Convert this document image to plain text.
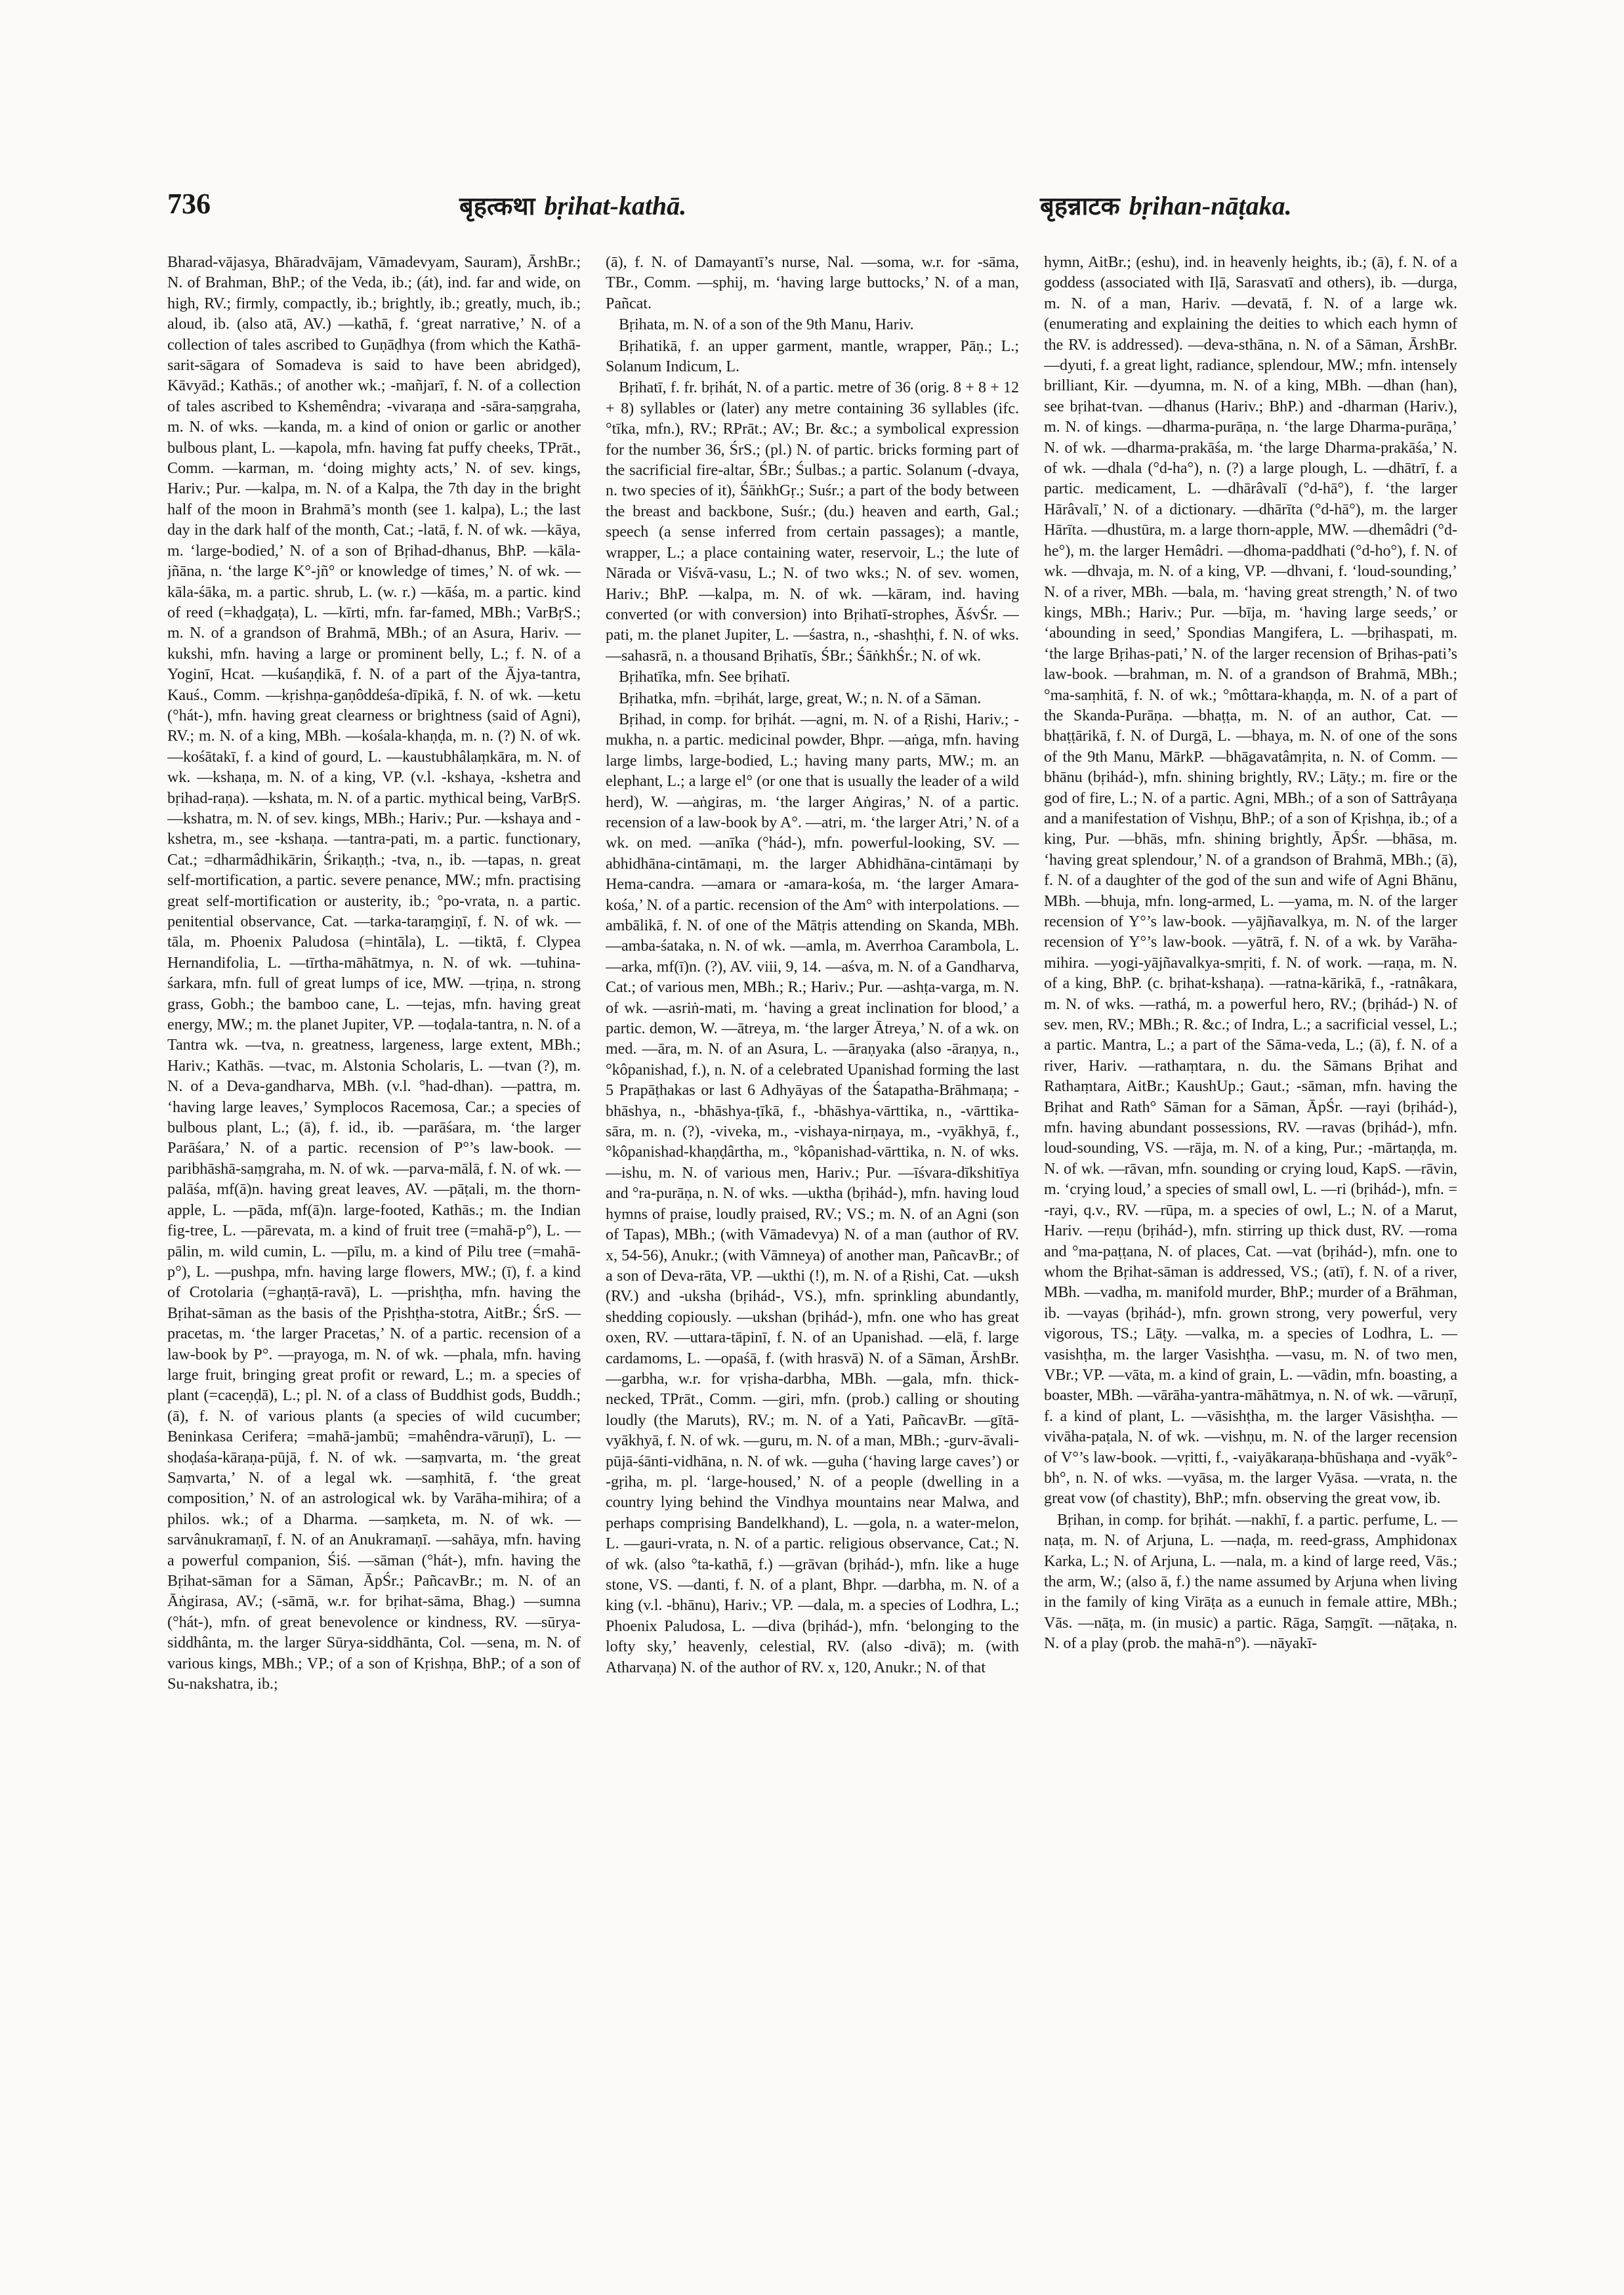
736	बृहत्कथा bṛihat-kathā.	बृहन्नाटक bṛihan-nāṭaka.

Bharad-vājasya, Bhāradvājam, Vāmadevyam, Sauram), ĀrshBr.; N. of Brahman, BhP.; of the Veda, ib.; (át), ind. far and wide, on high, RV.; firmly, compactly, ib.; brightly, ib.; greatly, much, ib.; aloud, ib. (also atā, AV.) —kathā, f. ‘great narrative,’ N. of a collection of tales ascribed to Guṇāḍhya (from which the Kathā-sarit-sāgara of Somadeva is said to have been abridged), Kāvyād.; Kathās.; of another wk.; -mañjarī, f. N. of a collection of tales ascribed to Kshemêndra; -vivaraṇa and -sāra-saṃgraha, m. N. of wks. —kanda, m. a kind of onion or garlic or another bulbous plant, L. —kapola, mfn. having fat puffy cheeks, TPrāt., Comm. —karman, m. ‘doing mighty acts,’ N. of sev. kings, Hariv.; Pur. —kalpa, m. N. of a Kalpa, the 7th day in the bright half of the moon in Brahmā’s month (see 1. kalpa), L.; the last day in the dark half of the month, Cat.; -latā, f. N. of wk. —kāya, m. ‘large-bodied,’ N. of a son of Bṛihad-dhanus, BhP. —kāla-jñāna, n. ‘the large K°-jñ° or knowledge of times,’ N. of wk. —kāla-śāka, m. a partic. shrub, L. (w. r.) —kāśa, m. a partic. kind of reed (=khaḍgaṭa), L. —kīrti, mfn. far-famed, MBh.; VarBṛS.; m. N. of a grandson of Brahmā, MBh.; of an Asura, Hariv. —kukshi, mfn. having a large or prominent belly, L.; f. N. of a Yoginī, Hcat. —kuśaṇḍikā, f. N. of a part of the Ājya-tantra, Kauś., Comm. —kṛishṇa-gaṇôddeśa-dīpikā, f. N. of wk. —ketu (°hát-), mfn. having great clearness or brightness (said of Agni), RV.; m. N. of a king, MBh. —kośala-khaṇḍa, m. n. (?) N. of wk. —kośātakī, f. a kind of gourd, L. —kaustubhâlaṃkāra, m. N. of wk. —kshaṇa, m. N. of a king, VP. (v.l. -kshaya, -kshetra and bṛihad-raṇa). —kshata, m. N. of a partic. mythical being, VarBṛS. —kshatra, m. N. of sev. kings, MBh.; Hariv.; Pur. —kshaya and -kshetra, m., see -kshaṇa. —tantra-pati, m. a partic. functionary, Cat.; =dharmâdhikārin, Śrikaṇṭh.; -tva, n., ib. —tapas, n. great self-mortification, a partic. severe penance, MW.; mfn. practising great self-mortification or austerity, ib.; °po-vrata, n. a partic. penitential observance, Cat. —tarka-taraṃgiṇī, f. N. of wk. —tāla, m. Phoenix Paludosa (=hintāla), L. —tiktā, f. Clypea Hernandifolia, L. —tīrtha-māhātmya, n. N. of wk. —tuhina-śarkara, mfn. full of great lumps of ice, MW. —tṛiṇa, n. strong grass, Gobh.; the bamboo cane, L. —tejas, mfn. having great energy, MW.; m. the planet Jupiter, VP. —toḍala-tantra, n. N. of a Tantra wk. —tva, n. greatness, largeness, large extent, MBh.; Hariv.; Kathās. —tvac, m. Alstonia Scholaris, L. —tvan (?), m. N. of a Deva-gandharva, MBh. (v.l. °had-dhan). —pattra, m. ‘having large leaves,’ Symplocos Racemosa, Car.; a species of bulbous plant, L.; (ā), f. id., ib. —parāśara, m. ‘the larger Parāśara,’ N. of a partic. recension of P°’s law-book. —paribhāshā-saṃgraha, m. N. of wk. —parva-mālā, f. N. of wk. —palāśa, mf(ā)n. having great leaves, AV. —pāṭali, m. the thorn-apple, L. —pāda, mf(ā)n. large-footed, Kathās.; m. the Indian fig-tree, L. —pārevata, m. a kind of fruit tree (=mahā-p°), L. —pālin, m. wild cumin, L. —pīlu, m. a kind of Pilu tree (=mahā-p°), L. —pushpa, mfn. having large flowers, MW.; (ī), f. a kind of Crotolaria (=ghaṇṭā-ravā), L. —prishṭha, mfn. having the Bṛihat-sāman as the basis of the Pṛishṭha-stotra, AitBr.; ŚrS. —pracetas, m. ‘the larger Pracetas,’ N. of a partic. recension of a law-book by P°. —prayoga, m. N. of wk. —phala, mfn. having large fruit, bringing great profit or reward, L.; m. a species of plant (=caceṇḍā), L.; pl. N. of a class of Buddhist gods, Buddh.; (ā), f. N. of various plants (a species of wild cucumber; Beninkasa Cerifera; =mahā-jambū; =mahêndra-vāruṇī), L. —shoḍaśa-kāraṇa-pūjā, f. N. of wk. —saṃvarta, m. ‘the great Saṃvarta,’ N. of a legal wk. —saṃhitā, f. ‘the great composition,’ N. of an astrological wk. by Varāha-mihira; of a philos. wk.; of a Dharma. —saṃketa, m. N. of wk. —sarvânukramaṇī, f. N. of an Anukramaṇī. —sahāya, mfn. having a powerful companion, Śiś. —sāman (°hát-), mfn. having the Bṛihat-sāman for a Sāman, ĀpŚr.; PañcavBr.; m. N. of an Āṅgirasa, AV.; (-sāmā, w.r. for bṛihat-sāma, Bhag.) —sumna (°hát-), mfn. of great benevolence or kindness, RV. —sūrya-siddhânta, m. the larger Sūrya-siddhānta, Col. —sena, m. N. of various kings, MBh.; VP.; of a son of Kṛishṇa, BhP.; of a son of Su-nakshatra, ib.;

(ā), f. N. of Damayantī’s nurse, Nal. —soma, w.r. for -sāma, TBr., Comm. —sphij, m. ‘having large buttocks,’ N. of a man, Pañcat.

Bṛihata, m. N. of a son of the 9th Manu, Hariv.

Bṛihatikā, f. an upper garment, mantle, wrapper, Pāṇ.; L.; Solanum Indicum, L.

Bṛihatī, f. fr. bṛihát, N. of a partic. metre of 36 (orig. 8 + 8 + 12 + 8) syllables or (later) any metre containing 36 syllables (ifc. °tīka, mfn.), RV.; RPrāt.; AV.; Br. &c.; a symbolical expression for the number 36, ŚrS.; (pl.) N. of partic. bricks forming part of the sacrificial fire-altar, ŚBr.; Śulbas.; a partic. Solanum (-dvaya, n. two species of it), ŚāṅkhGṛ.; Suśr.; a part of the body between the breast and backbone, Suśr.; (du.) heaven and earth, Gal.; speech (a sense inferred from certain passages); a mantle, wrapper, L.; a place containing water, reservoir, L.; the lute of Nārada or Viśvā-vasu, L.; N. of two wks.; N. of sev. women, Hariv.; BhP. —kalpa, m. N. of wk. —kāram, ind. having converted (or with conversion) into Bṛihatī-strophes, ĀśvŚr. —pati, m. the planet Jupiter, L. —śastra, n., -shashṭhi, f. N. of wks. —sahasrā, n. a thousand Bṛihatīs, ŚBr.; ŚāṅkhŚr.; N. of wk.

Bṛihatīka, mfn. See bṛihatī.

Bṛihatka, mfn. =bṛihát, large, great, W.; n. N. of a Sāman.

Bṛihad, in comp. for bṛihát. —agni, m. N. of a Ṛishi, Hariv.; -mukha, n. a partic. medicinal powder, Bhpr. —aṅga, mfn. having large limbs, large-bodied, L.; having many parts, MW.; m. an elephant, L.; a large el° (or one that is usually the leader of a wild herd), W. —aṅgiras, m. ‘the larger Aṅgiras,’ N. of a partic. recension of a law-book by A°. —atri, m. ‘the larger Atri,’ N. of a wk. on med. —anīka (°hád-), mfn. powerful-looking, SV. —abhidhāna-cintāmaṇi, m. the larger Abhidhāna-cintāmaṇi by Hema-candra. —amara or -amara-kośa, m. ‘the larger Amara-kośa,’ N. of a partic. recension of the Am° with interpolations. —ambālikā, f. N. of one of the Mātṛis attending on Skanda, MBh. —amba-śataka, n. N. of wk. —amla, m. Averrhoa Carambola, L. —arka, mf(ī)n. (?), AV. viii, 9, 14. —aśva, m. N. of a Gandharva, Cat.; of various men, MBh.; R.; Hariv.; Pur. —ashṭa-varga, m. N. of wk. —asriṅ-mati, m. ‘having a great inclination for blood,’ a partic. demon, W. —ātreya, m. ‘the larger Ātreya,’ N. of a wk. on med. —āra, m. N. of an Asura, L. —āraṇyaka (also -āraṇya, n., °kôpanishad, f.), n. N. of a celebrated Upanishad forming the last 5 Prapāṭhakas or last 6 Adhyāyas of the Śatapatha-Brāhmaṇa; -bhāshya, n., -bhāshya-ṭīkā, f., -bhāshya-vārttika, n., -vārttika-sāra, m. n. (?), -viveka, m., -vishaya-nirṇaya, m., -vyākhyā, f., °kôpanishad-khaṇḍârtha, m., °kôpanishad-vārttika, n. N. of wks. —ishu, m. N. of various men, Hariv.; Pur. —īśvara-dīkshitīya and °ra-purāṇa, n. N. of wks. —uktha (bṛihád-), mfn. having loud hymns of praise, loudly praised, RV.; VS.; m. N. of an Agni (son of Tapas), MBh.; (with Vāmadevya) N. of a man (author of RV. x, 54-56), Anukr.; (with Vāmneya) of another man, PañcavBr.; of a son of Deva-rāta, VP. —ukthi (!), m. N. of a Ṛishi, Cat. —uksh (RV.) and -uksha (bṛihád-, VS.), mfn. sprinkling abundantly, shedding copiously. —ukshan (bṛihád-), mfn. one who has great oxen, RV. —uttara-tāpinī, f. N. of an Upanishad. —elā, f. large cardamoms, L. —opaśā, f. (with hrasvā) N. of a Sāman, ĀrshBr. —garbha, w.r. for vṛisha-darbha, MBh. —gala, mfn. thick-necked, TPrāt., Comm. —giri, mfn. (prob.) calling or shouting loudly (the Maruts), RV.; m. N. of a Yati, PañcavBr. —gītā-vyākhyā, f. N. of wk. —guru, m. N. of a man, MBh.; -gurv-āvali-pūjā-śānti-vidhāna, n. N. of wk. —guha (‘having large caves’) or -gṛiha, m. pl. ‘large-housed,’ N. of a people (dwelling in a country lying behind the Vindhya mountains near Malwa, and perhaps comprising Bandelkhand), L. —gola, n. a water-melon, L. —gauri-vrata, n. N. of a partic. religious observance, Cat.; N. of wk. (also °ta-kathā, f.) —grāvan (bṛihád-), mfn. like a huge stone, VS. —danti, f. N. of a plant, Bhpr. —darbha, m. N. of a king (v.l. -bhānu), Hariv.; VP. —dala, m. a species of Lodhra, L.; Phoenix Paludosa, L. —diva (bṛihád-), mfn. ‘belonging to the lofty sky,’ heavenly, celestial, RV. (also -divā); m. (with Atharvaṇa) N. of the author of RV. x, 120, Anukr.; N. of that

hymn, AitBr.; (eshu), ind. in heavenly heights, ib.; (ā), f. N. of a goddess (associated with Iḷā, Sarasvatī and others), ib. —durga, m. N. of a man, Hariv. —devatā, f. N. of a large wk. (enumerating and explaining the deities to which each hymn of the RV. is addressed). —deva-sthāna, n. N. of a Sāman, ĀrshBr. —dyuti, f. a great light, radiance, splendour, MW.; mfn. intensely brilliant, Kir. —dyumna, m. N. of a king, MBh. —dhan (han), see bṛihat-tvan. —dhanus (Hariv.; BhP.) and -dharman (Hariv.), m. N. of kings. —dharma-purāṇa, n. ‘the large Dharma-purāṇa,’ N. of wk. —dharma-prakāśa, m. ‘the large Dharma-prakāśa,’ N. of wk. —dhala (°d-ha°), n. (?) a large plough, L. —dhātrī, f. a partic. medicament, L. —dhārâvalī (°d-hā°), f. ‘the larger Hārâvalī,’ N. of a dictionary. —dhārīta (°d-hā°), m. the larger Hārīta. —dhustūra, m. a large thorn-apple, MW. —dhemâdri (°d-he°), m. the larger Hemâdri. —dhoma-paddhati (°d-ho°), f. N. of wk. —dhvaja, m. N. of a king, VP. —dhvani, f. ‘loud-sounding,’ N. of a river, MBh. —bala, m. ‘having great strength,’ N. of two kings, MBh.; Hariv.; Pur. —bīja, m. ‘having large seeds,’ or ‘abounding in seed,’ Spondias Mangifera, L. —bṛihaspati, m. ‘the large Bṛihas-pati,’ N. of the larger recension of Bṛihas-pati’s law-book. —brahman, m. N. of a grandson of Brahmā, MBh.; °ma-saṃhitā, f. N. of wk.; °môttara-khaṇḍa, m. N. of a part of the Skanda-Purāṇa. —bhaṭṭa, m. N. of an author, Cat. —bhaṭṭārikā, f. N. of Durgā, L. —bhaya, m. N. of one of the sons of the 9th Manu, MārkP. —bhāgavatâmṛita, n. N. of Comm. —bhānu (bṛihád-), mfn. shining brightly, RV.; Lāṭy.; m. fire or the god of fire, L.; N. of a partic. Agni, MBh.; of a son of Sattrâyaṇa and a manifestation of Vishṇu, BhP.; of a son of Kṛishṇa, ib.; of a king, Pur. —bhās, mfn. shining brightly, ĀpŚr. —bhāsa, m. ‘having great splendour,’ N. of a grandson of Brahmā, MBh.; (ā), f. N. of a daughter of the god of the sun and wife of Agni Bhānu, MBh. —bhuja, mfn. long-armed, L. —yama, m. N. of the larger recension of Y°’s law-book. —yājñavalkya, m. N. of the larger recension of Y°’s law-book. —yātrā, f. N. of a wk. by Varāha-mihira. —yogi-yājñavalkya-smṛiti, f. N. of work. —raṇa, m. N. of a king, BhP. (c. bṛihat-kshaṇa). —ratna-kārikā, f., -ratnâkara, m. N. of wks. —rathá, m. a powerful hero, RV.; (bṛihád-) N. of sev. men, RV.; MBh.; R. &c.; of Indra, L.; a sacrificial vessel, L.; a partic. Mantra, L.; a part of the Sāma-veda, L.; (ā), f. N. of a river, Hariv. —rathaṃtara, n. du. the Sāmans Bṛihat and Rathaṃtara, AitBr.; KaushUp.; Gaut.; -sāman, mfn. having the Bṛihat and Rath° Sāman for a Sāman, ĀpŚr. —rayi (bṛihád-), mfn. having abundant possessions, RV. —ravas (bṛihád-), mfn. loud-sounding, VS. —rāja, m. N. of a king, Pur.; -mārtaṇḍa, m. N. of wk. —rāvan, mfn. sounding or crying loud, KapS. —rāvin, m. ‘crying loud,’ a species of small owl, L. —ri (bṛihád-), mfn. = -rayi, q.v., RV. —rūpa, m. a species of owl, L.; N. of a Marut, Hariv. —reṇu (bṛihád-), mfn. stirring up thick dust, RV. —roma and °ma-paṭṭana, N. of places, Cat. —vat (bṛihád-), mfn. one to whom the Bṛihat-sāman is addressed, VS.; (atī), f. N. of a river, MBh. —vadha, m. manifold murder, BhP.; murder of a Brāhman, ib. —vayas (bṛihád-), mfn. grown strong, very powerful, very vigorous, TS.; Lāṭy. —valka, m. a species of Lodhra, L. —vasishṭha, m. the larger Vasishṭha. —vasu, m. N. of two men, VBr.; VP. —vāta, m. a kind of grain, L. —vādin, mfn. boasting, a boaster, MBh. —vārāha-yantra-māhātmya, n. N. of wk. —vāruṇī, f. a kind of plant, L. —vāsishṭha, m. the larger Vāsishṭha. —vivāha-paṭala, N. of wk. —vishṇu, m. N. of the larger recension of V°’s law-book. —vṛitti, f., -vaiyākaraṇa-bhūshaṇa and -vyāk°-bh°, n. N. of wks. —vyāsa, m. the larger Vyāsa. —vrata, n. the great vow (of chastity), BhP.; mfn. observing the great vow, ib.

Bṛihan, in comp. for bṛihát. —nakhī, f. a partic. perfume, L. —naṭa, m. N. of Arjuna, L. —naḍa, m. reed-grass, Amphidonax Karka, L.; N. of Arjuna, L. —nala, m. a kind of large reed, Vās.; the arm, W.; (also ā, f.) the name assumed by Arjuna when living in the family of king Virāṭa as a eunuch in female attire, MBh.; Vās. —nāṭa, m. (in music) a partic. Rāga, Saṃgīt. —nāṭaka, n. N. of a play (prob. the mahā-n°). —nāyakī-
